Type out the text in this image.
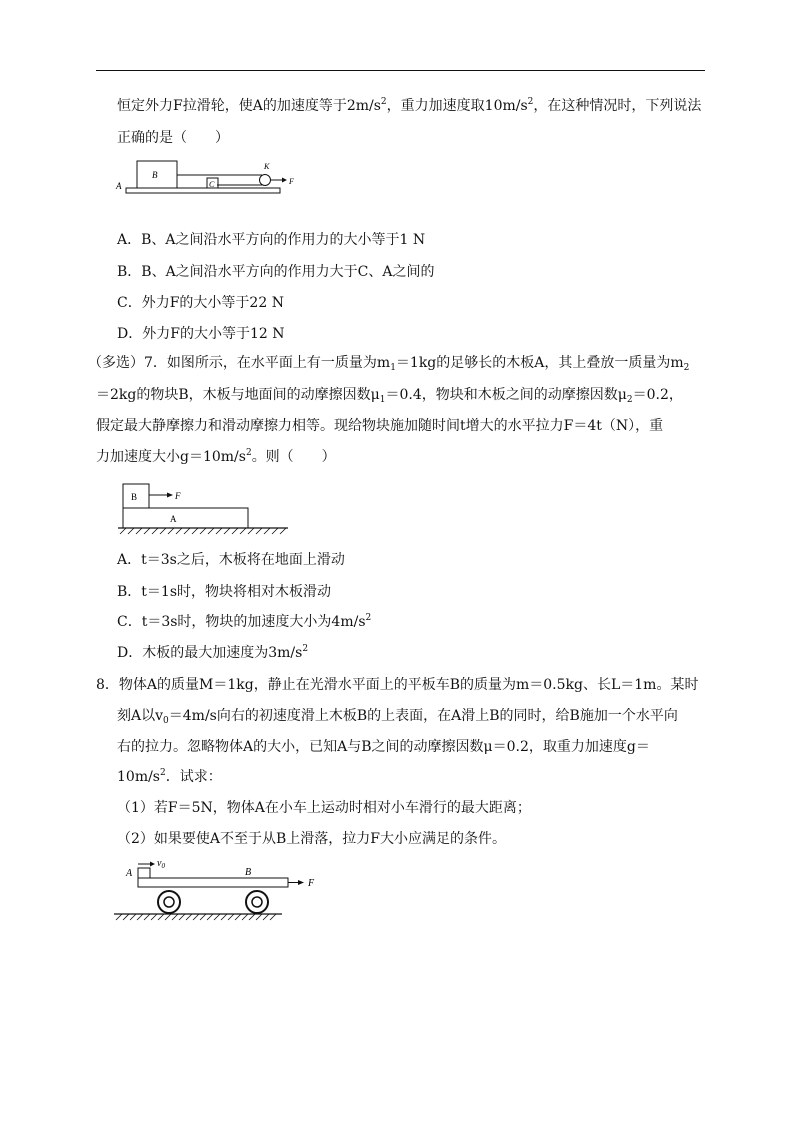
恒定外力F拉滑轮，使A的加速度等于$2m/s^2$，重力加速度取$10m/s^2$，在这种情况时，下列说法
正确的是（　　）
B
A	C
K
F
A．B、A之间沿水平方向的作用力的大小等于1 N
B．B、A之间沿水平方向的作用力大于C、A之间的
C．外力F的大小等于22 N
D．外力F的大小等于12 N
（多选）7．如图所示，在水平面上有一质量为$m_1=1kg$的足够长的木板A，其上叠放一质量为$m_2$
＝2kg的物块B，木板与地面间的动摩擦因数$\mu_1=0.4$，物块和木板之间的动摩擦因数$\mu_2=0.2$，
假定最大静摩擦力和滑动摩擦力相等。现给物块施加随时间t增大的水平拉力F＝4t（N），重
力加速度大小$g=10m/s^2$。则（　　）
B	F
A
A．t＝3s之后，木板将在地面上滑动
B．t＝1s时，物块将相对木板滑动
C．t＝3s时，物块的加速度大小为$4m/s^2$
D．木板的最大加速度为$3m/s^2$
8．物体A的质量M＝1kg，静止在光滑水平面上的平板车B的质量为m＝0.5kg、长L＝1m。某时
刻A以$v_0=4m/s$向右的初速度滑上木板B的上表面，在A滑上B的同时，给B施加一个水平向
右的拉力。忽略物体A的大小，已知A与B之间的动摩擦因数μ＝0.2，取重力加速度g＝
$10m/s^2$．试求：
（1）若F＝5N，物体A在小车上运动时相对小车滑行的最大距离；
（2）如果要使A不至于从B上滑落，拉力F大小应满足的条件。
A
$v_0$
B
F
